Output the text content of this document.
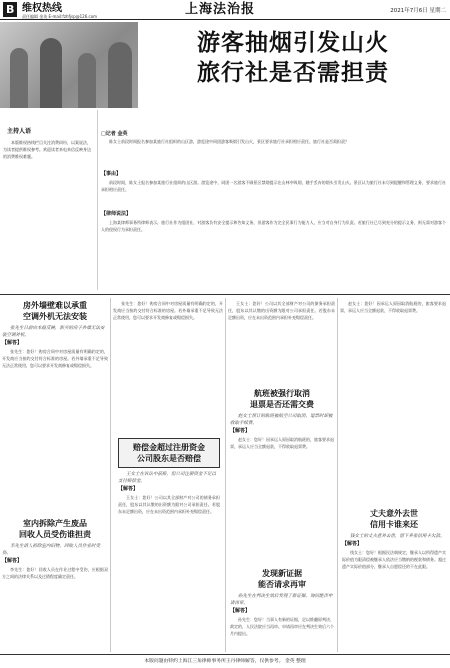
B 维权热线
责任编辑 金英 E-mail:fzhfjsp@126.com	上海法治报	2021年7月6日 星期二
游客抽烟引发山火
旅行社是否需担责
主持人语
本版维权热线栏目关注消费纠纷，以案说法，为读者提供维权参考。欢迎读者来电来信反映身边的消费维权难题。
□记者 金英
陈女士前段时间报名参加某旅行社组织的山区游，游览途中同团游客吸烟引发山火，景区要求旅行社承担相应责任。旅行社是否需担责？
【事由】
前段时间，陈女士报名参加某旅行社组织的山区游。游览途中，同团一名游客不顾景区禁烟提示在山林中吸烟，随手丢弃的烟头引发山火。景区认为旅行社未尽到提醒和管理义务，要求旅行社承担相应责任。
【律师说法】
上海某律师事务所律师表示，旅行社作为组团社，对游客负有安全提示和告知义务，但游客作为完全民事行为能力人，应当对自身行为负责。若旅行社已尽到充分的提示义务，则无需对游客个人的侵权行为承担责任。
房外墙壁难以承重
空调外机无法安装
张先生日前向本报反映，新买的房子外墙无法安装空调外机。
【解答】
张先生：您好！购房合同中对房屋质量有明确约定的，开发商应当按约交付符合标准的房屋。若外墙承重不足导致无法正常使用，您可以要求开发商修复或赔偿损失。
室内拆除产生废品
回收人员受伤谁担责
李先生请人拆除室内旧物，回收人员作业时受伤。
【解答】
李先生：您好！回收人员在作业过程中受伤，应根据双方之间的法律关系以及过错程度确定责任。
张先生：您好！购房合同中对房屋质量有明确约定的，开发商应当按约交付符合标准的房屋。若外墙承重不足导致无法正常使用，您可以要求开发商修复或赔偿损失。
赔偿金超过注册资金
公司股东是否赔偿
王女士在诉讼中获赔，但公司注册资金不足以支付赔偿金。
【解答】
王女士：您好！公司以其全部财产对公司的债务承担责任，股东以其认缴的出资额为限对公司承担责任。若股东未足额出资，应在未出资范围内承担补充赔偿责任。
王女士：您好！公司以其全部财产对公司的债务承担责任，股东以其认缴的出资额为限对公司承担责任。若股东未足额出资，应在未出资范围内承担补充赔偿责任。
航班被强行取消
退票是否还需交费
赵女士预订的航班被航空公司取消，退票时却被收取手续费。
【解答】
赵女士：您好！因承运人原因取消航班的，旅客要求退票，承运人应当全额退款，不得收取退票费。
发现新证据
能否请求再审
孙先生在判决生效后发现了新证据，询问能否申请再审。
【解答】
孙先生：您好！当事人有新的证据，足以推翻原判决、裁定的，人民法院应当再审。申请再审应在判决生效后六个月内提出。
赵女士：您好！因承运人原因取消航班的，旅客要求退票，承运人应当全额退款，不得收取退票费。
丈夫意外去世
信用卡谁来还
钱女士的丈夫意外去世，留下多张信用卡欠款。
【解答】
钱女士：您好！根据民法典规定，继承人以所得遗产实际价值为限清偿被继承人依法应当缴纳的税款和债务。超过遗产实际价值部分，继承人自愿偿还的不在此限。
本版问题由特约上海江三角律师事务所王丹律师解答，仅供参考。 金英 整理
